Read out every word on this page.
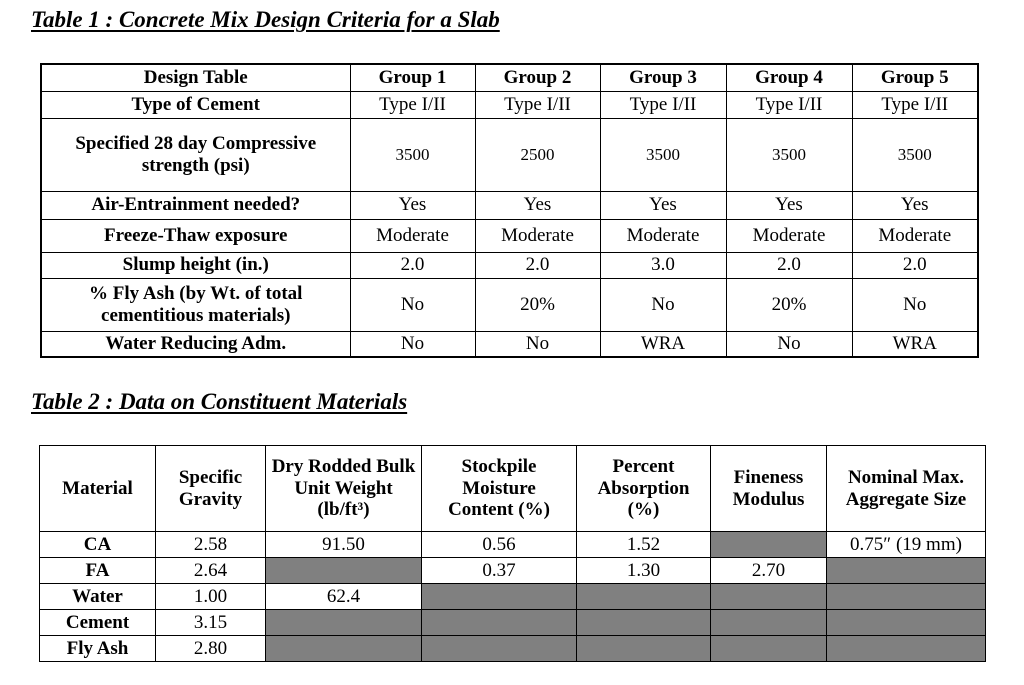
Table 1 : Concrete Mix Design Criteria for a Slab
Design Table	Group 1	Group 2	Group 3	Group 4	Group 5
Type of Cement	Type I/II	Type I/II	Type I/II	Type I/II	Type I/II
Specified 28 day Compressive strength (psi)	3500	2500	3500	3500	3500
Air-Entrainment needed?	Yes	Yes	Yes	Yes	Yes
Freeze-Thaw exposure	Moderate	Moderate	Moderate	Moderate	Moderate
Slump height (in.)	2.0	2.0	3.0	2.0	2.0
% Fly Ash (by Wt. of total cementitious materials)	No	20%	No	20%	No
Water Reducing Adm.	No	No	WRA	No	WRA
Table 2 : Data on Constituent Materials
Material	Specific Gravity	Dry Rodded Bulk Unit Weight (lb/ft³)	Stockpile Moisture Content (%)	Percent Absorption (%)	Fineness Modulus	Nominal Max. Aggregate Size
CA	2.58	91.50	0.56	1.52		0.75″ (19 mm)
FA	2.64		0.37	1.30	2.70	
Water	1.00	62.4				
Cement	3.15					
Fly Ash	2.80					
